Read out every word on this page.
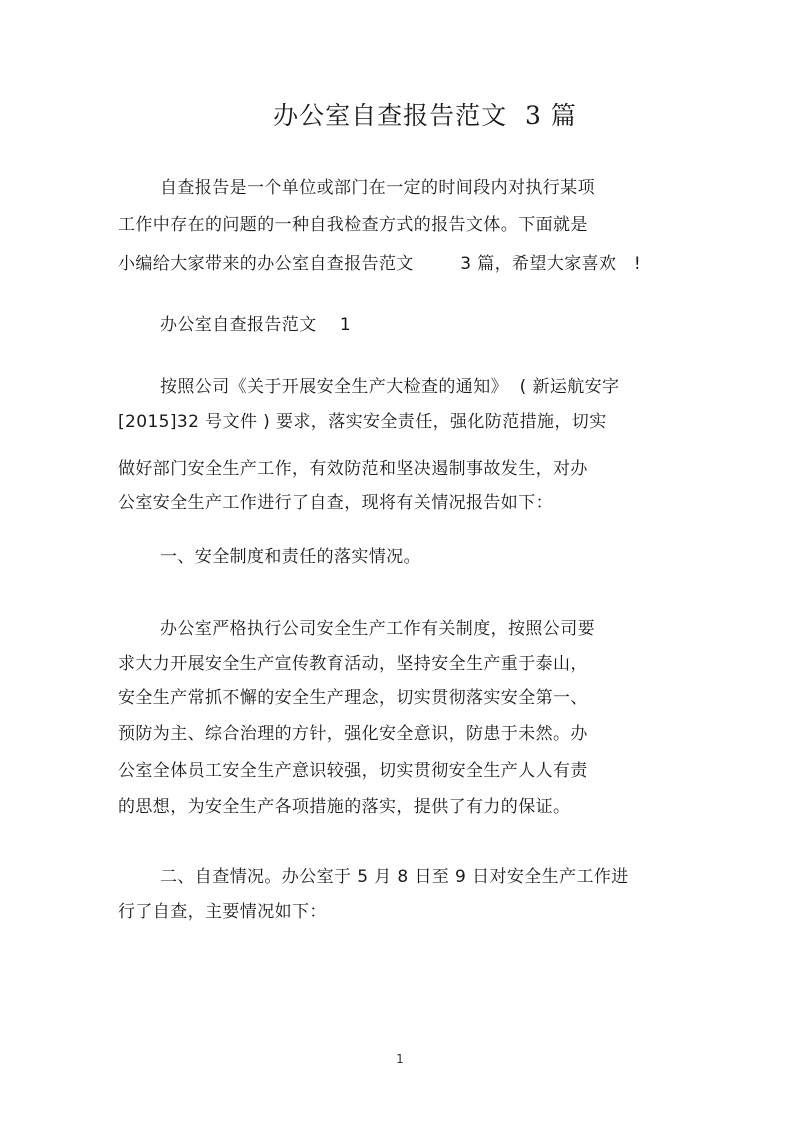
办公室自查报告范文  3 篇
自查报告是一个单位或部门在一定的时间段内对执行某项
工作中存在的问题的一种自我检查方式的报告文体。下面就是
小编给大家带来的办公室自查报告范文        3 篇，希望大家喜欢   !
办公室自查报告范文    1
按照公司《关于开展安全生产大检查的通知》  ( 新运航安字
[2015]32 号文件 ) 要求，落实安全责任，强化防范措施，切实
做好部门安全生产工作，有效防范和坚决遏制事故发生，对办
公室安全生产工作进行了自查，现将有关情况报告如下：
一、安全制度和责任的落实情况。
办公室严格执行公司安全生产工作有关制度，按照公司要
求大力开展安全生产宣传教育活动，坚持安全生产重于泰山，
安全生产常抓不懈的安全生产理念，切实贯彻落实安全第一、
预防为主、综合治理的方针，强化安全意识，防患于未然。办
公室全体员工安全生产意识较强，切实贯彻安全生产人人有责
的思想，为安全生产各项措施的落实，提供了有力的保证。
二、自查情况。办公室于 5 月 8 日至 9 日对安全生产工作进
行了自查，主要情况如下：
1
